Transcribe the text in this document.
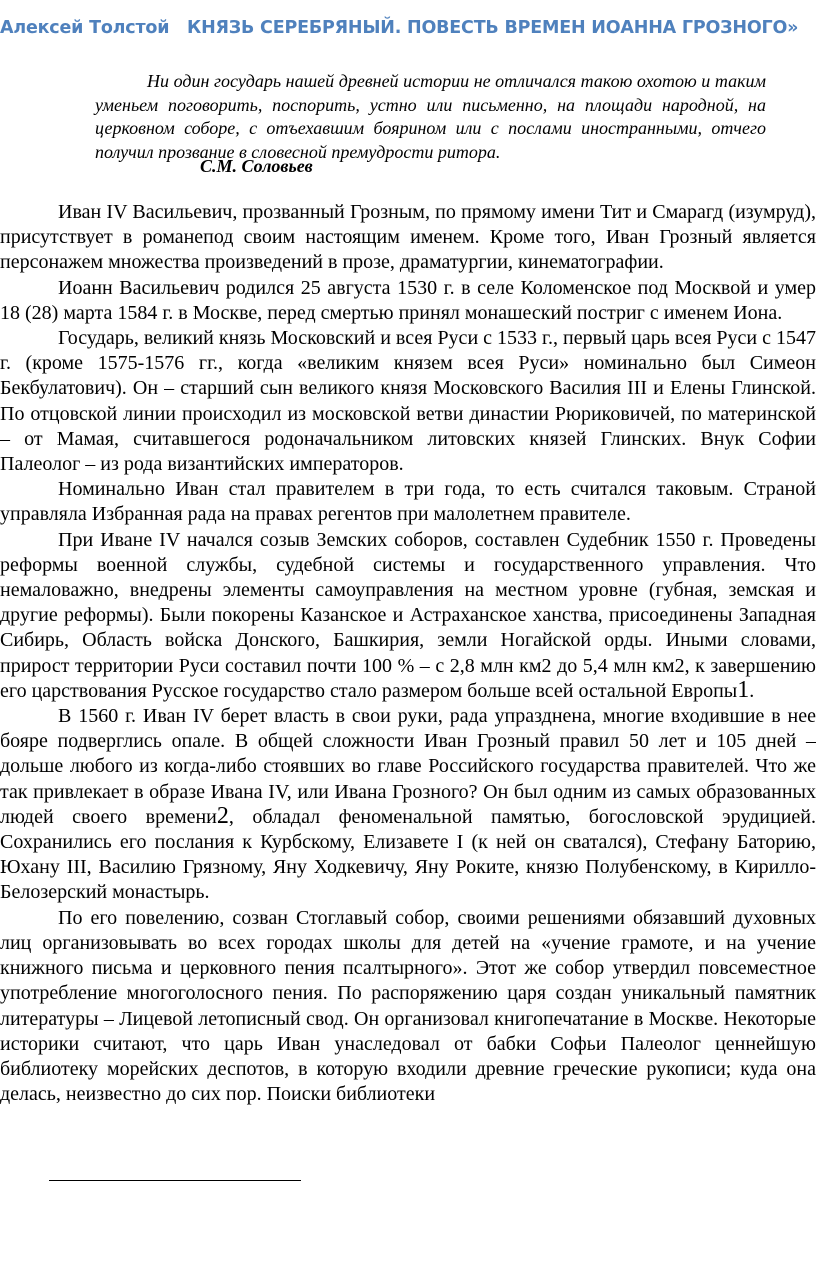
Алексей Толстой   КНЯЗЬ СЕРЕБРЯНЫЙ. ПОВЕСТЬ ВРЕМЕН ИОАННА ГРОЗНОГО»
Ни один государь нашей древней истории не отличался такою охотою и таким уменьем поговорить, поспорить, устно или письменно, на площади народной, на церковном соборе, с отъехавшим боярином или с послами иностранными, отчего получил прозвание в словесной премудрости ритора.
С.М. Соловьев

Иван IV Васильевич, прозванный Грозным, по прямому имени Тит и Смарагд (изумруд), присутствует в романепод своим настоящим именем. Кроме того, Иван Грозный является персонажем множества произведений в прозе, драматургии, кинематографии.

Иоанн Васильевич родился 25 августа 1530 г. в селе Коломенское под Москвой и умер 18 (28) марта 1584 г. в Москве, перед смертью принял монашеский постриг с именем Иона.

Государь, великий князь Московский и всея Руси с 1533 г., первый царь всея Руси с 1547 г. (кроме 1575-1576 гг., когда «великим князем всея Руси» номинально был Симеон Бекбулатович). Он – старший сын великого князя Московского Василия III и Елены Глинской. По отцовской линии происходил из московской ветви династии Рюриковичей, по материнской – от Мамая, считавшегося родоначальником литовских князей Глинских. Внук Софии Палеолог – из рода византийских императоров.

Номинально Иван стал правителем в три года, то есть считался таковым. Страной управляла Избранная рада на правах регентов при малолетнем правителе.

При Иване IV начался созыв Земских соборов, составлен Судебник 1550 г. Проведены реформы военной службы, судебной системы и государственного управления. Что немаловажно, внедрены элементы самоуправления на местном уровне (губная, земская и другие реформы). Были покорены Казанское и Астраханское ханства, присоединены Западная Сибирь, Область войска Донского, Башкирия, земли Ногайской орды. Иными словами, прирост территории Руси составил почти 100 % – с 2,8 млн км2 до 5,4 млн км2, к завершению его царствования Русское государство стало размером больше всей остальной Европы1.

В 1560 г. Иван IV берет власть в свои руки, рада упразднена, многие входившие в нее бояре подверглись опале. В общей сложности Иван Грозный правил 50 лет и 105 дней – дольше любого из когда-либо стоявших во главе Российского государства правителей. Что же так привлекает в образе Ивана IV, или Ивана Грозного? Он был одним из самых образованных людей своего времени2, обладал феноменальной памятью, богословской эрудицией. Сохранились его послания к Курбскому, Елизавете I (к ней он сватался), Стефану Баторию, Юхану III, Василию Грязному, Яну Ходкевичу, Яну Роките, князю Полубенскому, в Кирилло-Белозерский монастырь.

По его повелению, созван Стоглавый собор, своими решениями обязавший духовных лиц организовывать во всех городах школы для детей на «учение грамоте, и на учение книжного письма и церковного пения псалтырного». Этот же собор утвердил повсеместное употребление многоголосного пения. По распоряжению царя создан уникальный памятник литературы – Лицевой летописный свод. Он организовал книгопечатание в Москве. Некоторые историки считают, что царь Иван унаследовал от бабки Софьи Палеолог ценнейшую библиотеку морейских деспотов, в которую входили древние греческие рукописи; куда она делась, неизвестно до сих пор. Поиски библиотеки
